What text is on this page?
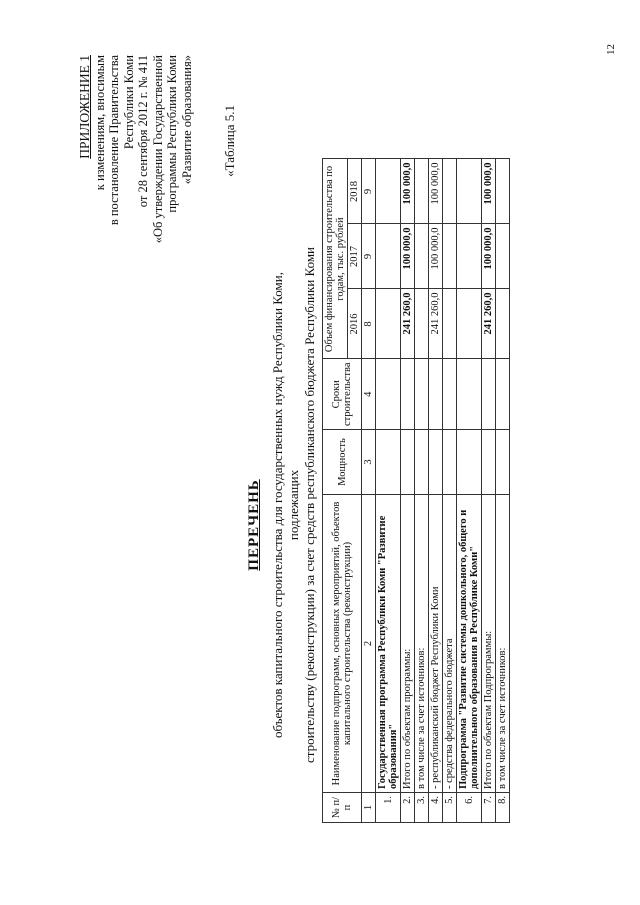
12
ПРИЛОЖЕНИЕ 1 к изменениям, вносимым в постановление Правительства Республики Коми от 28 сентября 2012 г. № 411 «Об утверждении Государственной программы Республики Коми «Развитие образования» «Таблица 5.1
ПЕРЕЧЕНЬ объектов капитального строительства для государственных нужд Республики Коми, подлежащих строительству (реконструкции) за счет средств республиканского бюджета Республики Коми
№ п/п	Наименование подпрограмм, основных мероприятий, объектов капитального строительства (реконструкции)	Мощность	Сроки строительства	Объем финансирования строительства по годам, тыс. рублей		
				2016	2017	2018
1	2	3	4	8	9	9
1.	Государственная программа Республики Коми "Развитие образования"					
2.	Итого по объектам программы:			241 260,0	100 000,0	100 000,0
3.	в том числе за счет источников:					
4.	- республиканский бюджет Республики Коми			241 260,0	100 000,0	100 000,0
5.	- средства федерального бюджета					
6.	Подпрограмма "Развитие системы дошкольного, общего и дополнительного образования в Республике Коми"					
7.	Итого по объектам Подпрограммы:			241 260,0	100 000,0	100 000,0
8.	в том числе за счет источников:					
